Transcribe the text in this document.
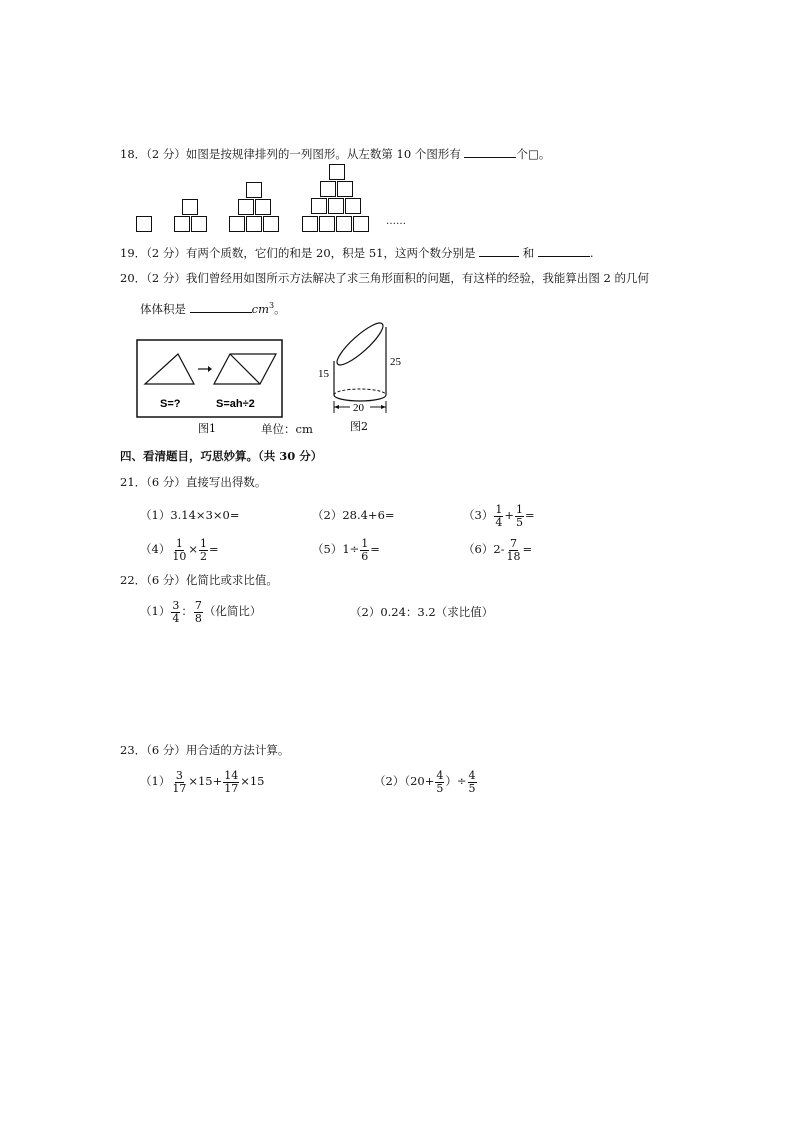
18．（2 分）如图是按规律排列的一列图形。从左数第 10 个图形有	个□。
……
19．（2 分）有两个质数，它们的和是 20，积是 51，这两个数分别是	和	.
20．（2 分）我们曾经用如图所示方法解决了求三角形面积的问题，有这样的经验，我能算出图 2 的几何
体体积是	$cm^3$。
S=?	S=ah÷2
图1	单位：cm
15
25
20
图2
四、看清题目，巧思妙算。（共 30 分）
21．（6 分）直接写出得数。
（1）3.14×3×0=	（2）28.4+6=	$(3) \frac{1}{4} + \frac{1}{5}$ =
$(4) \frac{1}{10} \times \frac{1}{2}$ =	$(5)1\div \frac{1}{6}$ =	$(6)2- \frac{7}{18}$ =
22．（6 分）化简比或求比值。
$(1) \frac{3}{4}$ ： $\frac{7}{8}$ （化简比）	（2）0.24：3.2（求比值）
23．（6 分）用合适的方法计算。
$(1) \frac{3}{17} \times 15+ \frac{14}{17} \times 15$	$(2)(20+ \frac{4}{5}$ ）÷ $\frac{4}{5}$
